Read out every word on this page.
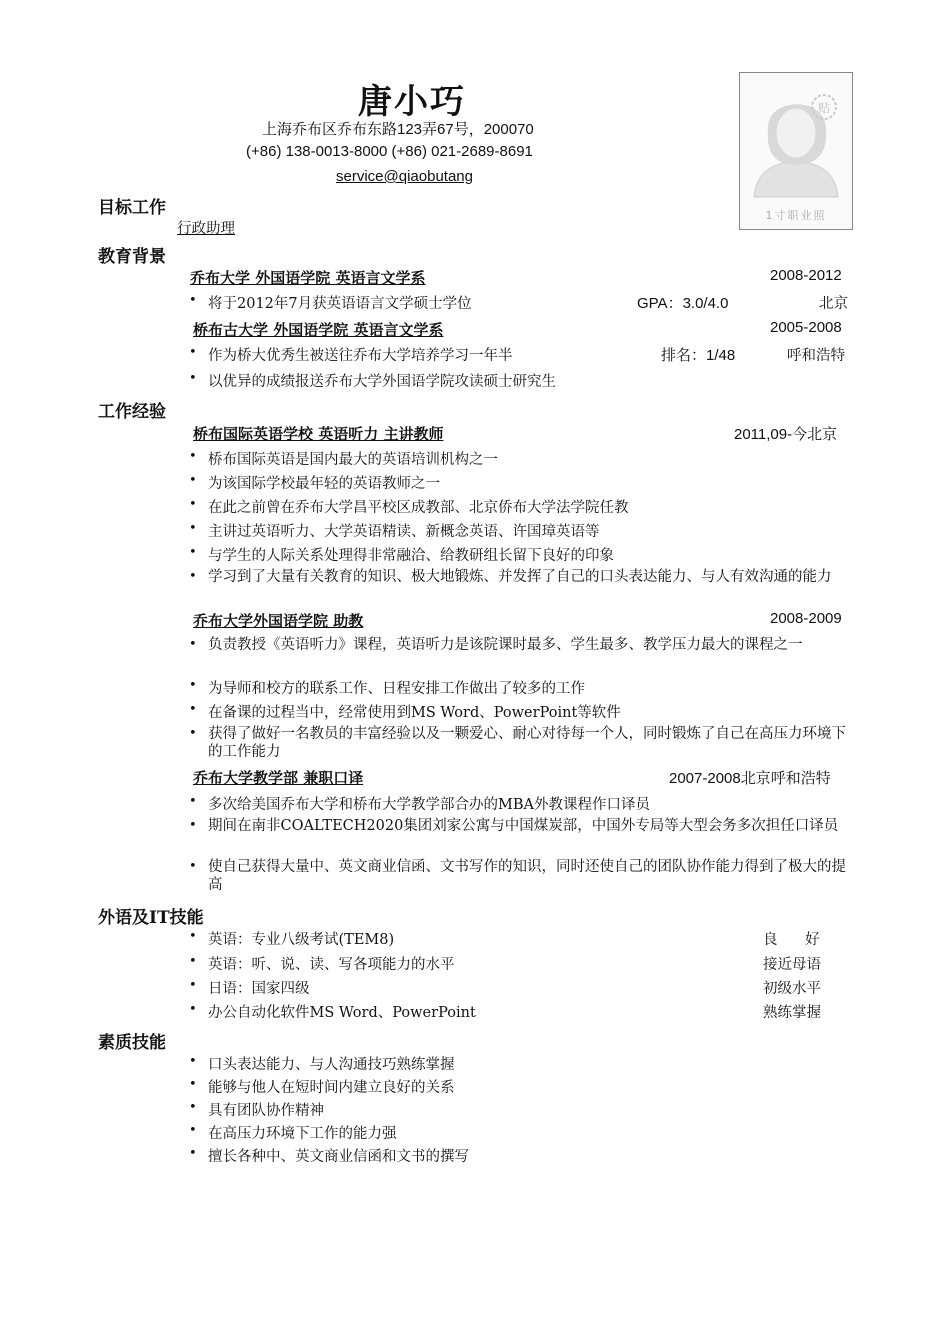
唐小巧
上海乔布区乔布东路123弄67号，200070
(+86) 138-0013-8000 (+86) 021-2689-8691
service@qiaobutang
贴
1寸职业照
目标工作
行政助理
教育背景
乔布大学 外国语学院 英语言文学系	2008-2012
• 将于2012年7月获英语语言文学硕士学位	GPA：3.0/4.0	北京
桥布古大学 外国语学院 英语言文学系	2005-2008
• 作为桥大优秀生被送往乔布大学培养学习一年半	排名：1/48	呼和浩特
• 以优异的成绩报送乔布大学外国语学院攻读硕士研究生
工作经验
桥布国际英语学校 英语听力 主讲教师	2011,09-今北京
• 桥布国际英语是国内最大的英语培训机构之一
• 为该国际学校最年轻的英语教师之一
• 在此之前曾在乔布大学昌平校区成教部、北京侨布大学法学院任教
• 主讲过英语听力、大学英语精读、新概念英语、许国璋英语等
• 与学生的人际关系处理得非常融洽、给教研组长留下良好的印象
• 学习到了大量有关教育的知识、极大地锻炼、并发挥了自己的口头表达能力、与人有效沟通的能力
乔布大学外国语学院 助教	2008-2009
• 负责教授《英语听力》课程，英语听力是该院课时最多、学生最多、教学压力最大的课程之一
• 为导师和校方的联系工作、日程安排工作做出了较多的工作
• 在备课的过程当中，经常使用到MS Word、PowerPoint等软件
• 获得了做好一名教员的丰富经验以及一颗爱心、耐心对待每一个人，同时锻炼了自己在高压力环境下的工作能力
乔布大学教学部 兼职口译	2007-2008北京呼和浩特
• 多次给美国乔布大学和桥布大学教学部合办的MBA外教课程作口译员
• 期间在南非COALTECH2020集团刘家公寓与中国煤炭部，中国外专局等大型会务多次担任口译员
• 使自己获得大量中、英文商业信函、文书写作的知识，同时还使自己的团队协作能力得到了极大的提高
外语及IT技能
• 英语：专业八级考试(TEM8)	良      好
• 英语：听、说、读、写各项能力的水平	接近母语
• 日语：国家四级	初级水平
• 办公自动化软件MS Word、PowerPoint	熟练掌握
素质技能
• 口头表达能力、与人沟通技巧熟练掌握
• 能够与他人在短时间内建立良好的关系
• 具有团队协作精神
• 在高压力环境下工作的能力强
• 擅长各种中、英文商业信函和文书的撰写
